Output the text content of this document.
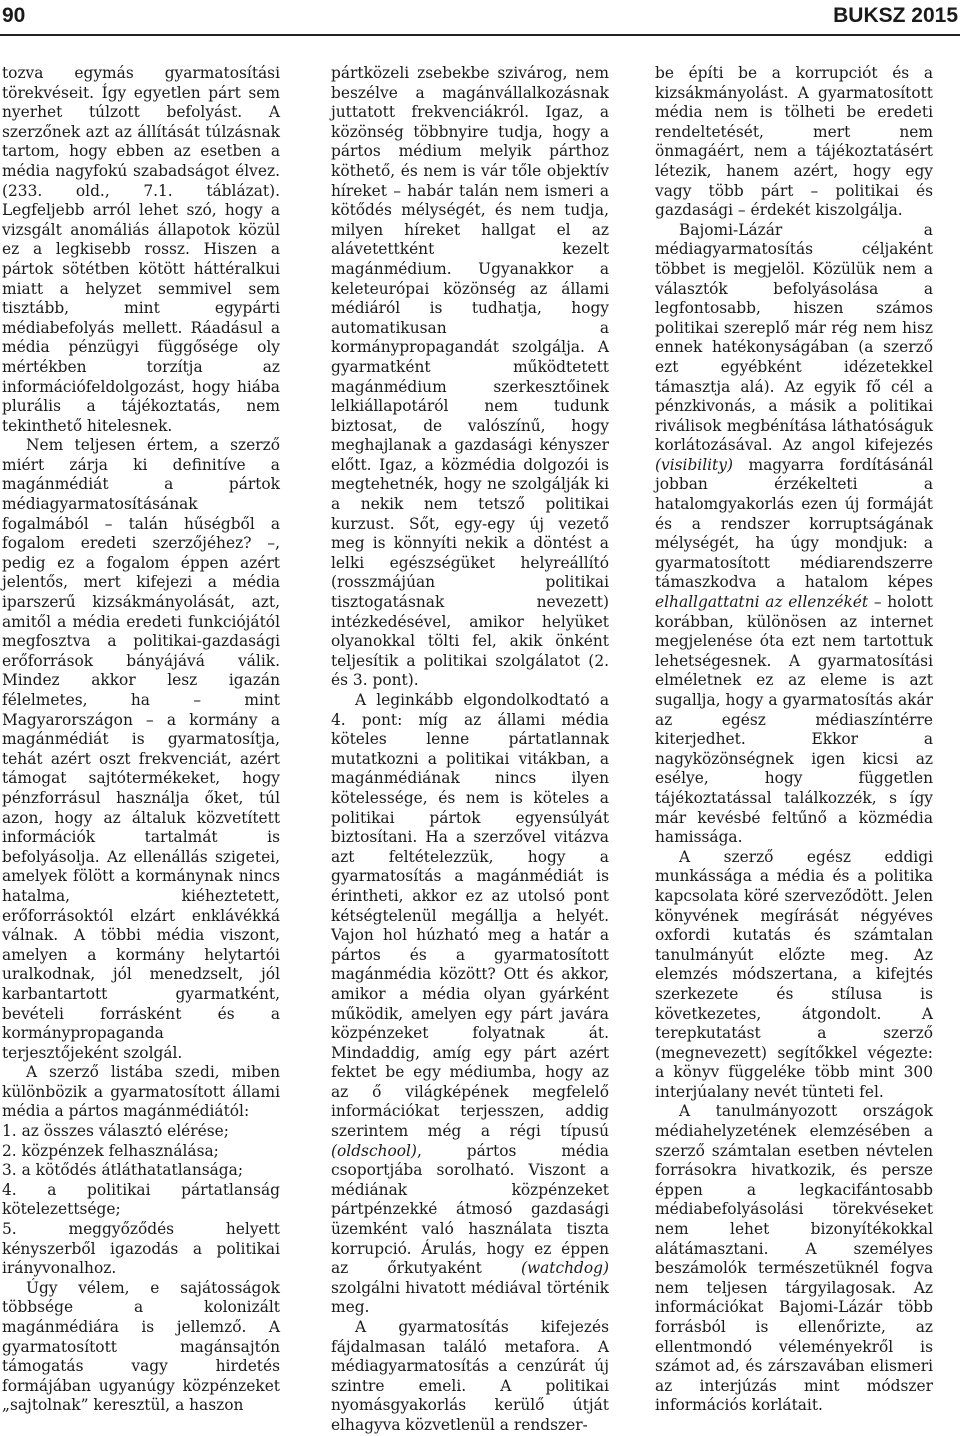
90	BUKSZ 2015

tozva egymás gyarmatosítási törekvéseit. Így egyetlen párt sem nyerhet túlzott befolyást. A szerzőnek azt az állítását túlzásnak tartom, hogy ebben az esetben a média nagyfokú szabadságot élvez. (233. old., 7.1. táblázat). Legfeljebb arról lehet szó, hogy a vizsgált anomáliás állapotok közül ez a legkisebb rossz. Hiszen a pártok sötétben kötött háttéralkui miatt a helyzet semmivel sem tisztább, mint egypárti médiabefolyás mellett. Ráadásul a média pénzügyi függősége oly mértékben torzítja az információfeldolgozást, hogy hiába plurális a tájékoztatás, nem tekinthető hitelesnek.

Nem teljesen értem, a szerző miért zárja ki definitíve a magánmédiát a pártok médiagyarmatosításának fogalmából – talán hűségből a fogalom eredeti szerzőjéhez? –, pedig ez a fogalom éppen azért jelentős, mert kifejezi a média iparszerű kizsákmányolását, azt, amitől a média eredeti funkciójától megfosztva a politikai-gazdasági erőforrások bányájává válik. Mindez akkor lesz igazán félelmetes, ha – mint Magyarországon – a kormány a magánmédiát is gyarmatosítja, tehát azért oszt frekvenciát, azért támogat sajtótermékeket, hogy pénzforrásul használja őket, túl azon, hogy az általuk közvetített információk tartalmát is befolyásolja. Az ellenállás szigetei, amelyek fölött a kormánynak nincs hatalma, kiéheztetett, erőforrásoktól elzárt enklávékká válnak. A többi média viszont, amelyen a kormány helytartói uralkodnak, jól menedzselt, jól karbantartott gyarmatként, bevételi forrásként és a kormánypropaganda terjesztőjeként szolgál.

A szerző listába szedi, miben különbözik a gyarmatosított állami média a pártos magánmédiától:

1. az összes választó elérése;
2. közpénzek felhasználása;
3. a kötődés átláthatatlansága;
4. a politikai pártatlanság kötelezettsége;
5. meggyőződés helyett kényszerből igazodás a politikai irányvonalhoz.

Úgy vélem, e sajátosságok többsége a kolonizált magánmédiára is jellemző. A gyarmatosított magánsajtón támogatás vagy hirdetés formájában ugyanúgy közpénzeket „sajtolnak” keresztül, a haszon

pártközeli zsebekbe szivárog, nem beszélve a magánvállalkozásnak juttatott frekvenciákról. Igaz, a közönség többnyire tudja, hogy a pártos médium melyik párthoz köthető, és nem is vár tőle objektív híreket – habár talán nem ismeri a kötődés mélységét, és nem tudja, milyen híreket hallgat el az alávetettként kezelt magánmédium. Ugyanakkor a keleteurópai közönség az állami médiáról is tudhatja, hogy automatikusan a kormánypropagandát szolgálja. A gyarmatként működtetett magánmédium szerkesztőinek lelkiállapotáról nem tudunk biztosat, de valószínű, hogy meghajlanak a gazdasági kényszer előtt. Igaz, a közmédia dolgozói is megtehetnék, hogy ne szolgálják ki a nekik nem tetsző politikai kurzust. Sőt, egy-egy új vezető meg is könnyíti nekik a döntést a lelki egészségüket helyreállító (rosszmájúan politikai tisztogatásnak nevezett) intézkedésével, amikor helyüket olyanokkal tölti fel, akik önként teljesítik a politikai szolgálatot (2. és 3. pont).

A leginkább elgondolkodtató a 4. pont: míg az állami média köteles lenne pártatlannak mutatkozni a politikai vitákban, a magánmédiának nincs ilyen kötelessége, és nem is köteles a politikai pártok egyensúlyát biztosítani. Ha a szerzővel vitázva azt feltételezzük, hogy a gyarmatosítás a magánmédiát is érintheti, akkor ez az utolsó pont kétségtelenül megállja a helyét. Vajon hol húzható meg a határ a pártos és a gyarmatosított magánmédia között? Ott és akkor, amikor a média olyan gyárként működik, amelyen egy párt javára közpénzeket folyatnak át. Mindaddig, amíg egy párt azért fektet be egy médiumba, hogy az az ő világképének megfelelő információkat terjesszen, addig szerintem még a régi típusú (oldschool), pártos média csoportjába sorolható. Viszont a médiának közpénzeket pártpénzekké átmosó gazdasági üzemként való használata tiszta korrupció. Árulás, hogy ez éppen az őrkutyaként (watchdog) szolgálni hivatott médiával történik meg.

A gyarmatosítás kifejezés fájdalmasan találó metafora. A médiagyarmatosítás a cenzúrát új szintre emeli. A politikai nyomásgyakorlás kerülő útját elhagyva közvetlenül a rendszer-

be építi be a korrupciót és a kizsákmányolást. A gyarmatosított média nem is tölheti be eredeti rendeltetését, mert nem önmagáért, nem a tájékoztatásért létezik, hanem azért, hogy egy vagy több párt – politikai és gazdasági – érdekét kiszolgálja.

Bajomi-Lázár a médiagyarmatosítás céljaként többet is megjelöl. Közülük nem a választók befolyásolása a legfontosabb, hiszen számos politikai szereplő már rég nem hisz ennek hatékonyságában (a szerző ezt egyébként idézetekkel támasztja alá). Az egyik fő cél a pénzkivonás, a másik a politikai riválisok megbénítása láthatóságuk korlátozásával. Az angol kifejezés (visibility) magyarra fordításánál jobban érzékelteti a hatalomgyakorlás ezen új formáját és a rendszer korruptságának mélységét, ha úgy mondjuk: a gyarmatosított médiarendszerre támaszkodva a hatalom képes elhallgattatni az ellenzékét – holott korábban, különösen az internet megjelenése óta ezt nem tartottuk lehetségesnek. A gyarmatosítási elméletnek ez az eleme is azt sugallja, hogy a gyarmatosítás akár az egész médiaszíntérre kiterjedhet. Ekkor a nagyközönségnek igen kicsi az esélye, hogy független tájékoztatással találkozzék, s így már kevésbé feltűnő a közmédia hamissága.

A szerző egész eddigi munkássága a média és a politika kapcsolata köré szerveződött. Jelen könyvének megírását négyéves oxfordi kutatás és számtalan tanulmányút előzte meg. Az elemzés módszertana, a kifejtés szerkezete és stílusa is következetes, átgondolt. A terepkutatást a szerző (megnevezett) segítőkkel végezte: a könyv függeléke több mint 300 interjúalany nevét tünteti fel.

A tanulmányozott országok médiahelyzetének elemzésében a szerző számtalan esetben névtelen forrásokra hivatkozik, és persze éppen a legkacifántosabb médiabefolyásolási törekvéseket nem lehet bizonyítékokkal alátámasztani. A személyes beszámolók természetüknél fogva nem teljesen tárgyilagosak. Az információkat Bajomi-Lázár több forrásból is ellenőrizte, az ellentmondó véleményekről is számot ad, és zárszavában elismeri az interjúzás mint módszer információs korlátait.
